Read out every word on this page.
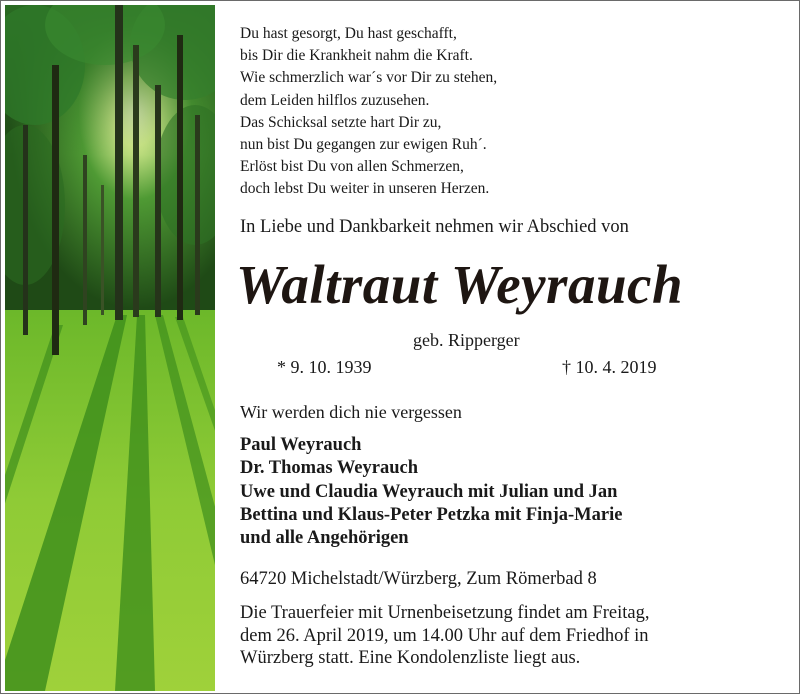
Du hast gesorgt, Du hast geschafft,
bis Dir die Krankheit nahm die Kraft.
Wie schmerzlich war´s vor Dir zu stehen,
dem Leiden hilflos zuzusehen.
Das Schicksal setzte hart Dir zu,
nun bist Du gegangen zur ewigen Ruh´.
Erlöst bist Du von allen Schmerzen,
doch lebst Du weiter in unseren Herzen.
In Liebe und Dankbarkeit nehmen wir Abschied von
Waltraut Weyrauch
geb. Ripperger
* 9. 10. 1939	† 10. 4. 2019
Wir werden dich nie vergessen
Paul Weyrauch
Dr. Thomas Weyrauch
Uwe und Claudia Weyrauch mit Julian und Jan
Bettina und Klaus-Peter Petzka mit Finja-Marie
und alle Angehörigen
64720 Michelstadt/Würzberg, Zum Römerbad 8
Die Trauerfeier mit Urnenbeisetzung findet am Freitag,
dem 26. April 2019, um 14.00 Uhr auf dem Friedhof in
Würzberg statt. Eine Kondolenzliste liegt aus.
